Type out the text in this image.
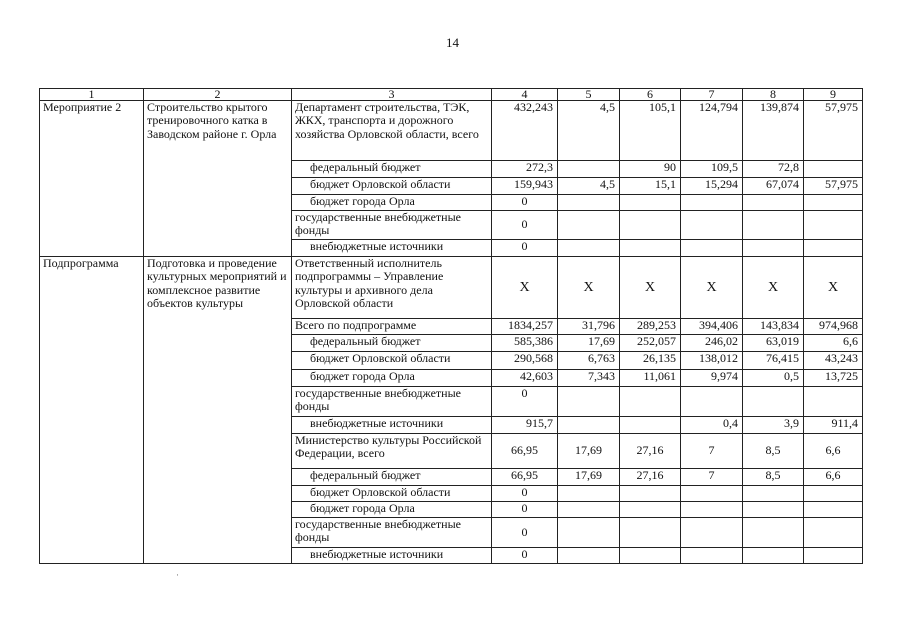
14
1	2	3	4	5	6	7	8	9
Мероприятие 2	Строительство крытого тренировочного катка в Заводском районе г. Орла	Департамент строительства, ТЭК, ЖКХ, транспорта и дорожного хозяйства Орловской области, всего	432,243	4,5	105,1	124,794	139,874	57,975
		федеральный бюджет	272,3		90	109,5	72,8	
		бюджет Орловской области	159,943	4,5	15,1	15,294	67,074	57,975
		бюджет города Орла	0					
		государственные внебюджетные фонды	0					
		внебюджетные источники	0					
Подпрограмма	Подготовка и проведение культурных мероприятий и комплексное развитие объектов культуры	Ответственный исполнитель подпрограммы – Управление культуры и архивного дела Орловской области	Х	Х	Х	Х	Х	Х
		Всего по подпрограмме	1834,257	31,796	289,253	394,406	143,834	974,968
		федеральный бюджет	585,386	17,69	252,057	246,02	63,019	6,6
		бюджет Орловской области	290,568	6,763	26,135	138,012	76,415	43,243
		бюджет города Орла	42,603	7,343	11,061	9,974	0,5	13,725
		государственные внебюджетные фонды	0					
		внебюджетные источники	915,7			0,4	3,9	911,4
		Министерство культуры Российской Федерации, всего	66,95	17,69	27,16	7	8,5	6,6
		федеральный бюджет	66,95	17,69	27,16	7	8,5	6,6
		бюджет Орловской области	0					
		бюджет города Орла	0					
		государственные внебюджетные фонды	0					
		внебюджетные источники	0					
·
